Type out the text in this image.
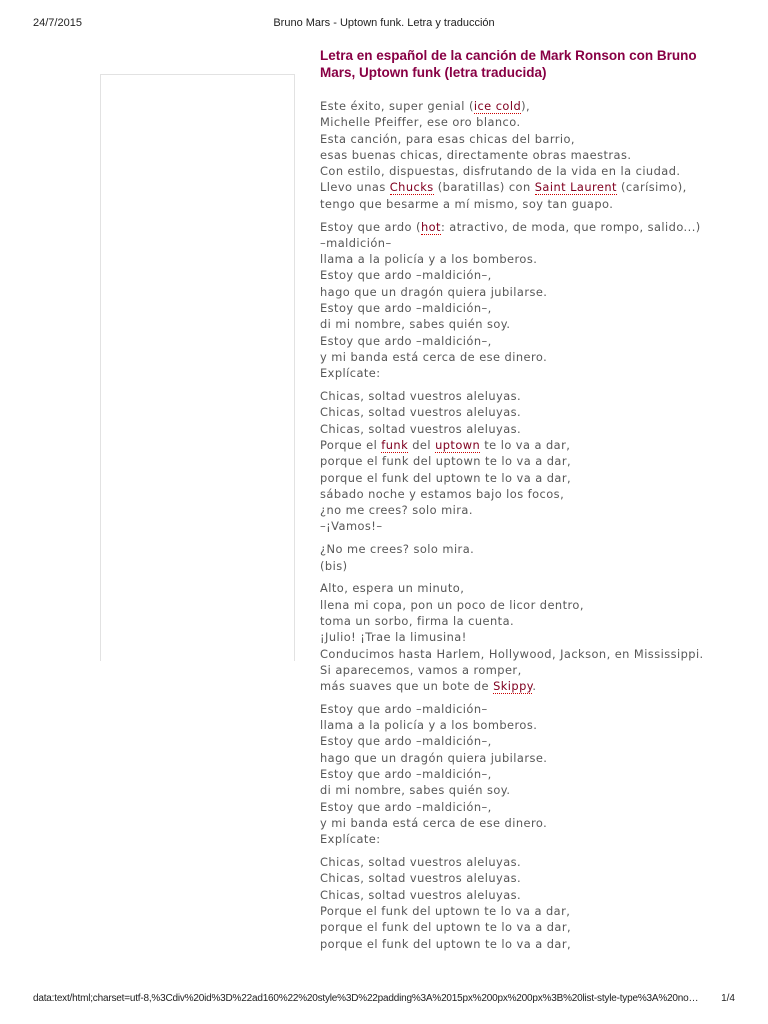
24/7/2015	Bruno Mars - Uptown funk. Letra y traducción
Letra en español de la canción de Mark Ronson con Bruno Mars, Uptown funk (letra traducida)
Este éxito, super genial (ice cold),
Michelle Pfeiffer, ese oro blanco.
Esta canción, para esas chicas del barrio,
esas buenas chicas, directamente obras maestras.
Con estilo, dispuestas, disfrutando de la vida en la ciudad.
Llevo unas Chucks (baratillas) con Saint Laurent (carísimo),
tengo que besarme a mí mismo, soy tan guapo.
Estoy que ardo (hot: atractivo, de moda, que rompo, salido...)
–maldición–
llama a la policía y a los bomberos.
Estoy que ardo –maldición–,
hago que un dragón quiera jubilarse.
Estoy que ardo –maldición–,
di mi nombre, sabes quién soy.
Estoy que ardo –maldición–,
y mi banda está cerca de ese dinero.
Explícate:
Chicas, soltad vuestros aleluyas.
Chicas, soltad vuestros aleluyas.
Chicas, soltad vuestros aleluyas.
Porque el funk del uptown te lo va a dar,
porque el funk del uptown te lo va a dar,
porque el funk del uptown te lo va a dar,
sábado noche y estamos bajo los focos,
¿no me crees? solo mira.
–¡Vamos!–
¿No me crees? solo mira.
(bis)
Alto, espera un minuto,
llena mi copa, pon un poco de licor dentro,
toma un sorbo, firma la cuenta.
¡Julio! ¡Trae la limusina!
Conducimos hasta Harlem, Hollywood, Jackson, en Mississippi.
Si aparecemos, vamos a romper,
más suaves que un bote de Skippy.
Estoy que ardo –maldición–
llama a la policía y a los bomberos.
Estoy que ardo –maldición–,
hago que un dragón quiera jubilarse.
Estoy que ardo –maldición–,
di mi nombre, sabes quién soy.
Estoy que ardo –maldición–,
y mi banda está cerca de ese dinero.
Explícate:
Chicas, soltad vuestros aleluyas.
Chicas, soltad vuestros aleluyas.
Chicas, soltad vuestros aleluyas.
Porque el funk del uptown te lo va a dar,
porque el funk del uptown te lo va a dar,
porque el funk del uptown te lo va a dar,
data:text/html;charset=utf-8,%3Cdiv%20id%3D%22ad160%22%20style%3D%22padding%3A%2015px%200px%200px%3B%20list-style-type%3A%20no…	1/4
